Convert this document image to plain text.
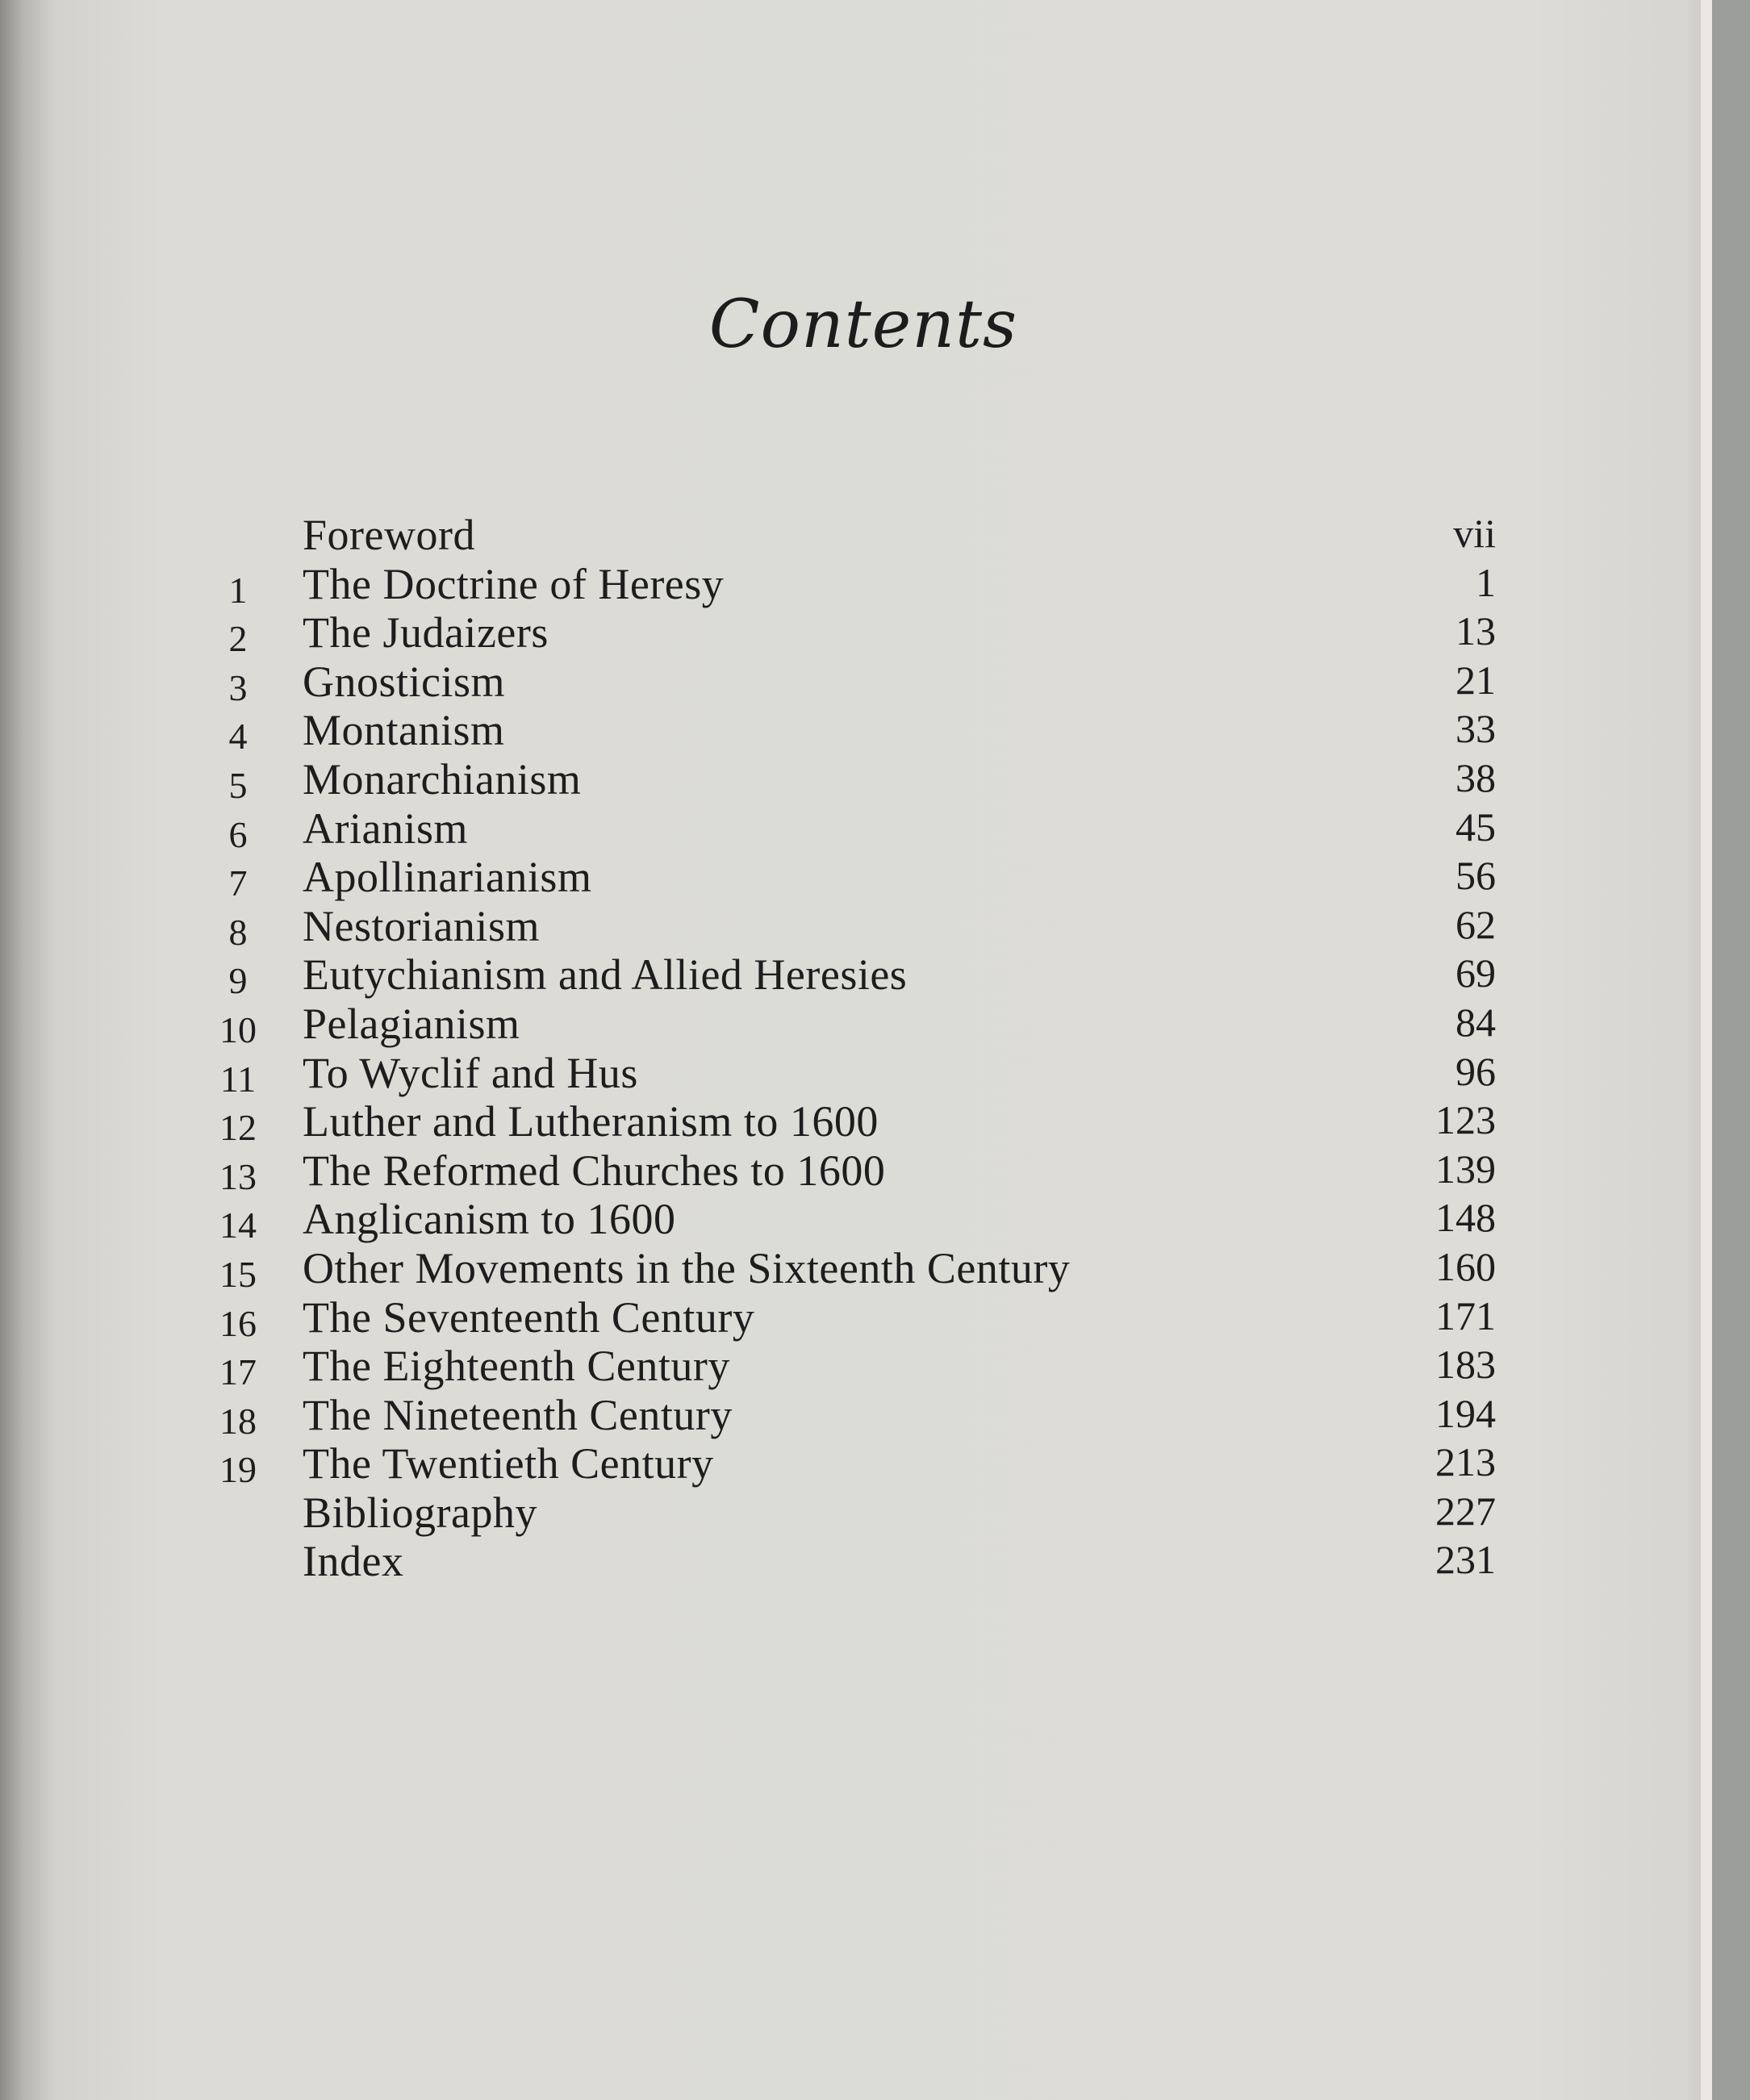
Contents
Foreword	vii
1	The Doctrine of Heresy	1
2	The Judaizers	13
3	Gnosticism	21
4	Montanism	33
5	Monarchianism	38
6	Arianism	45
7	Apollinarianism	56
8	Nestorianism	62
9	Eutychianism and Allied Heresies	69
10	Pelagianism	84
11	To Wyclif and Hus	96
12	Luther and Lutheranism to 1600	123
13	The Reformed Churches to 1600	139
14	Anglicanism to 1600	148
15	Other Movements in the Sixteenth Century	160
16	The Seventeenth Century	171
17	The Eighteenth Century	183
18	The Nineteenth Century	194
19	The Twentieth Century	213
Bibliography	227
Index	231
